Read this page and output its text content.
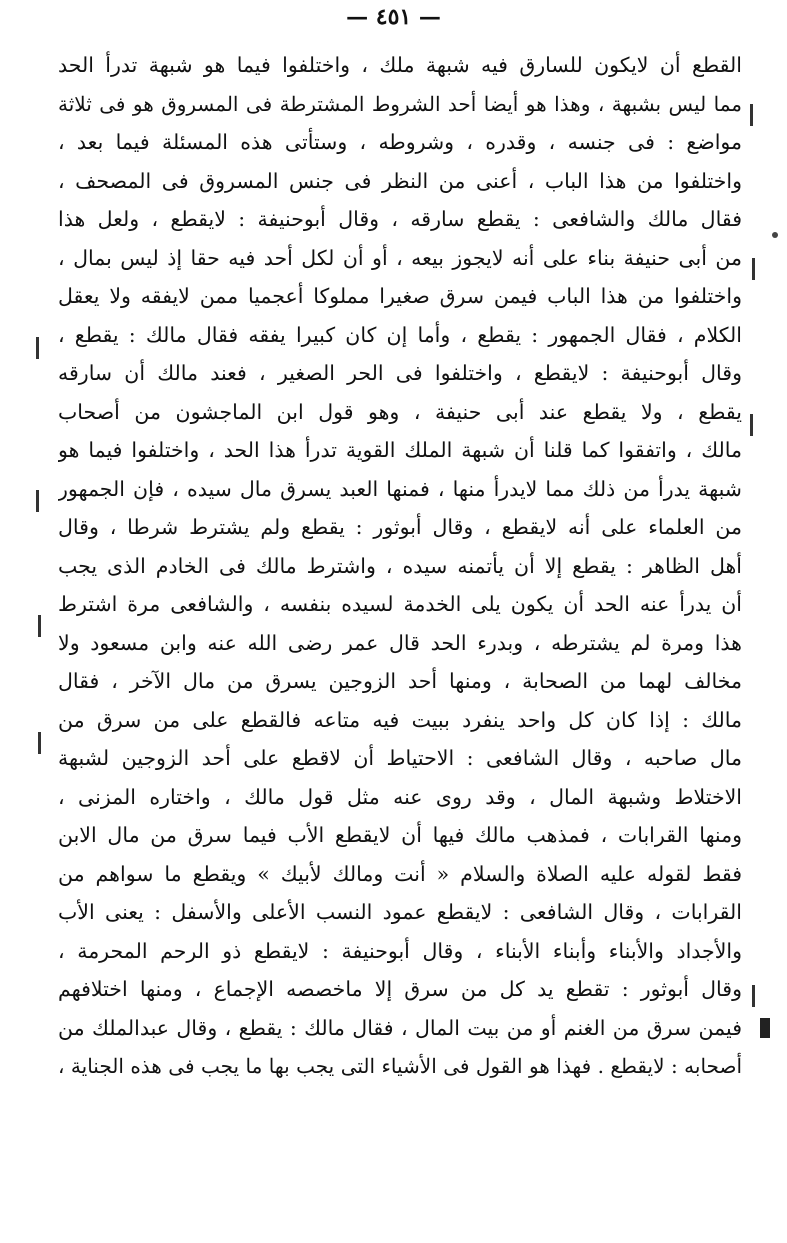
— ٤٥١ —
القطع أن لايكون للسارق فيه شبهة ملك ، واختلفوا فيما هو شبهة تدرأ الحد
مما ليس بشبهة ، وهذا هو أيضا أحد الشروط المشترطة فى المسروق هو فى ثلاثة
مواضع : فى جنسه ، وقدره ، وشروطه ، وستأتى هذه المسئلة فيما بعد ،
واختلفوا من هذا الباب ، أعنى من النظر فى جنس المسروق فى المصحف ،
فقال مالك والشافعى : يقطع سارقه ، وقال أبوحنيفة : لايقطع ، ولعل هذا
من أبى حنيفة بناء على أنه لايجوز بيعه ، أو أن لكل أحد فيه حقا إذ ليس بمال ،
واختلفوا من هذا الباب فيمن سرق صغيرا مملوكا أعجميا ممن لايفقه ولا يعقل
الكلام ، فقال الجمهور : يقطع ، وأما إن كان كبيرا يفقه فقال مالك : يقطع ،
وقال أبوحنيفة : لايقطع ، واختلفوا فى الحر الصغير ، فعند مالك أن سارقه
يقطع ، ولا يقطع عند أبى حنيفة ، وهو قول ابن الماجشون من أصحاب
مالك ، واتفقوا كما قلنا أن شبهة الملك القوية تدرأ هذا الحد ، واختلفوا فيما هو
شبهة يدرأ من ذلك مما لايدرأ منها ، فمنها العبد يسرق مال سيده ، فإن الجمهور
من العلماء على أنه لايقطع ، وقال أبوثور : يقطع ولم يشترط شرطا ، وقال
أهل الظاهر : يقطع إلا أن يأتمنه سيده ، واشترط مالك فى الخادم الذى يجب
أن يدرأ عنه الحد أن يكون يلى الخدمة لسيده بنفسه ، والشافعى مرة اشترط
هذا ومرة لم يشترطه ، وبدرء الحد قال عمر رضى الله عنه وابن مسعود ولا
مخالف لهما من الصحابة ، ومنها أحد الزوجين يسرق من مال الآخر ، فقال
مالك : إذا كان كل واحد ينفرد ببيت فيه متاعه فالقطع على من سرق من
مال صاحبه ، وقال الشافعى : الاحتياط أن لاقطع على أحد الزوجين لشبهة
الاختلاط وشبهة المال ، وقد روى عنه مثل قول مالك ، واختاره المزنى ،
ومنها القرابات ، فمذهب مالك فيها أن لايقطع الأب فيما سرق من مال الابن
فقط لقوله عليه الصلاة والسلام « أنت ومالك لأبيك » ويقطع ما سواهم من
القرابات ، وقال الشافعى : لايقطع عمود النسب الأعلى والأسفل : يعنى الأب
والأجداد والأبناء وأبناء الأبناء ، وقال أبوحنيفة : لايقطع ذو الرحم المحرمة ،
وقال أبوثور : تقطع يد كل من سرق إلا ماخصصه الإجماع ، ومنها اختلافهم
فيمن سرق من الغنم أو من بيت المال ، فقال مالك : يقطع ، وقال عبدالملك من
أصحابه : لايقطع . فهذا هو القول فى الأشياء التى يجب بها ما يجب فى هذه الجناية ،
